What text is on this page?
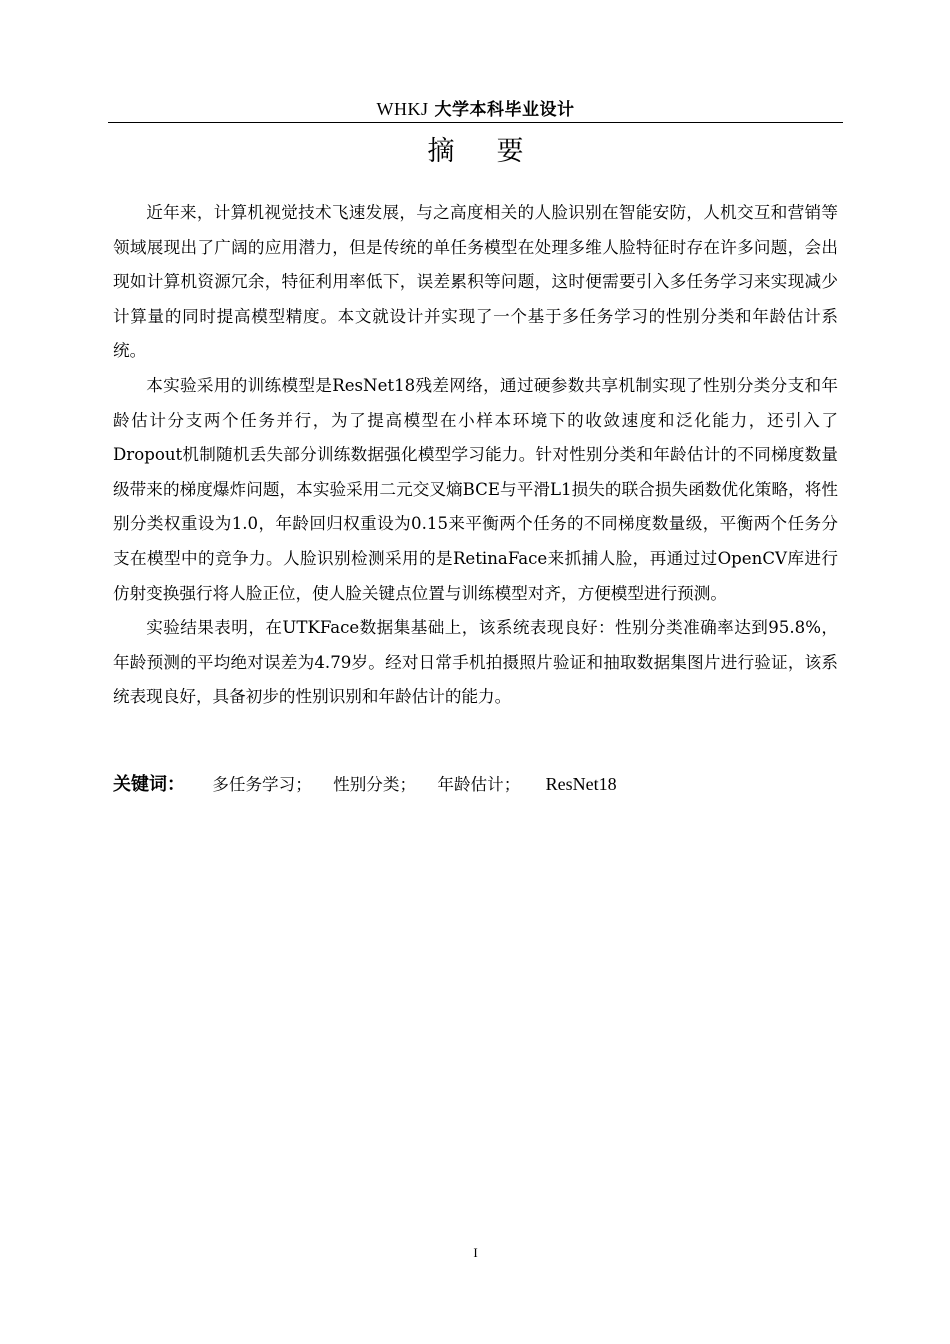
WHKJ 大学本科毕业设计
摘要

近年来，计算机视觉技术飞速发展，与之高度相关的人脸识别在智能安防，人机交互和营销等领域展现出了广阔的应用潜力，但是传统的单任务模型在处理多维人脸特征时存在许多问题，会出现如计算机资源冗余，特征利用率低下，误差累积等问题，这时便需要引入多任务学习来实现减少计算量的同时提高模型精度。本文就设计并实现了一个基于多任务学习的性别分类和年龄估计系统。

本实验采用的训练模型是ResNet18残差网络，通过硬参数共享机制实现了性别分类分支和年龄估计分支两个任务并行，为了提高模型在小样本环境下的收敛速度和泛化能力，还引入了Dropout机制随机丢失部分训练数据强化模型学习能力。针对性别分类和年龄估计的不同梯度数量级带来的梯度爆炸问题，本实验采用二元交叉熵BCE与平滑L1损失的联合损失函数优化策略，将性别分类权重设为1.0，年龄回归权重设为0.15来平衡两个任务的不同梯度数量级，平衡两个任务分支在模型中的竞争力。人脸识别检测采用的是RetinaFace来抓捕人脸，再通过过OpenCV库进行仿射变换强行将人脸正位，使人脸关键点位置与训练模型对齐，方便模型进行预测。

实验结果表明，在UTKFace数据集基础上，该系统表现良好：性别分类准确率达到95.8%，年龄预测的平均绝对误差为4.79岁。经对日常手机拍摄照片验证和抽取数据集图片进行验证，该系统表现良好，具备初步的性别识别和年龄估计的能力。

关键词： 多任务学习； 性别分类； 年龄估计； ResNet18
I
